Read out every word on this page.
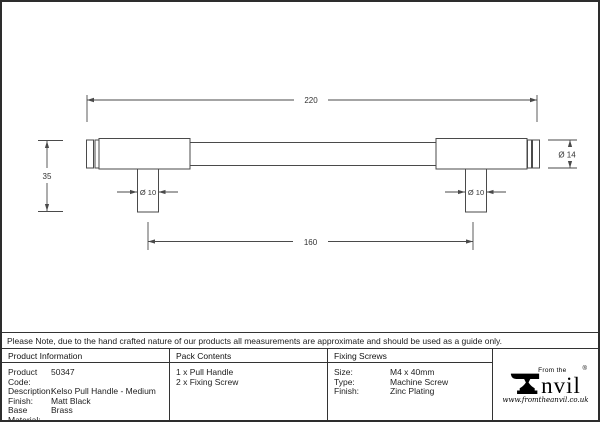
220
35
Ø 14
Ø 10	Ø 10
160
Please Note, due to the hand crafted nature of our products all measurements are approximate and should be used as a guide only.
Product Information
Product Code:
50347
Description:
Kelso Pull Handle - Medium
Finish:	Matt Black
Base Material:
Brass
Pack Contents
1 x Pull Handle
2 x Fixing Screw
Fixing Screws
Size:	M4 x 40mm
Type:	Machine Screw
Finish:	Zinc Plating	nvil
From the	®
www.fromtheanvil.co.uk
